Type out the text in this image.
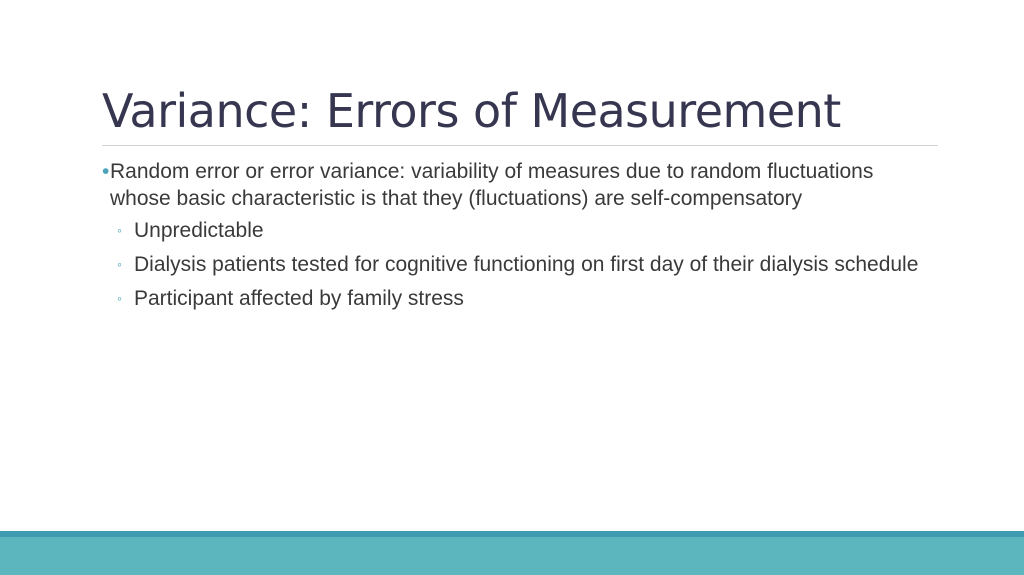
Variance: Errors of Measurement
• Random error or error variance: variability of measures due to random fluctuations whose basic characteristic is that they (fluctuations) are self-compensatory
◦ Unpredictable
◦ Dialysis patients tested for cognitive functioning on first day of their dialysis schedule
◦ Participant affected by family stress
